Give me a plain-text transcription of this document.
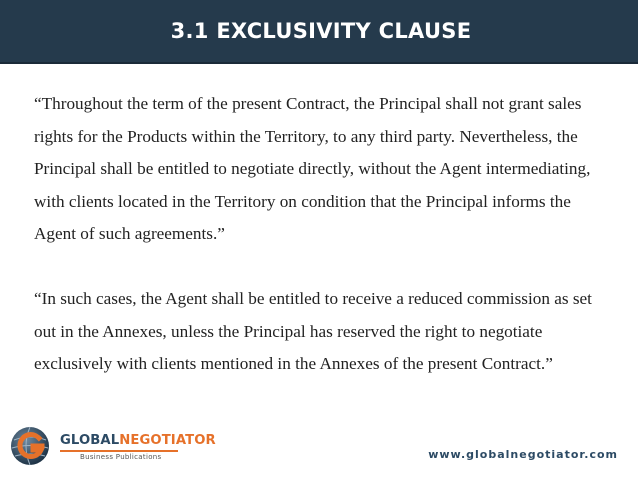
3.1 EXCLUSIVITY CLAUSE

“Throughout the term of the present Contract, the Principal shall not grant sales rights for the Products within the Territory, to any third party. Nevertheless, the Principal shall be entitled to negotiate directly, without the Agent intermediating, with clients located in the Territory on condition that the Principal informs the Agent of such agreements.”

“In such cases, the Agent shall be entitled to receive a reduced commission as set out in the Annexes, unless the Principal has reserved the right to negotiate exclusively with clients mentioned in the Annexes of the present Contract.”

GLOBALNEGOTIATOR
Business Publications	www.globalnegotiator.com
